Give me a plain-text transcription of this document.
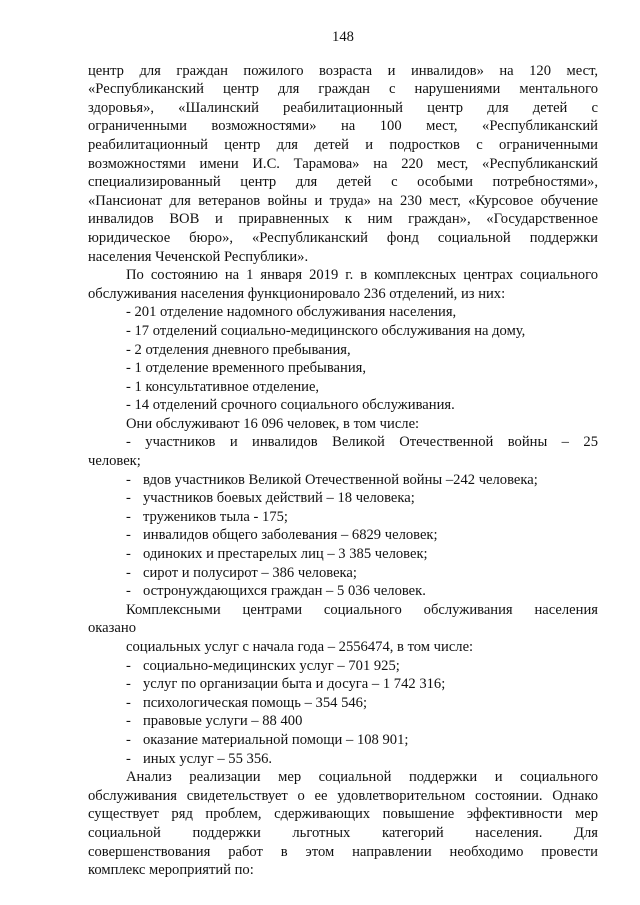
148
центр для граждан пожилого возраста и инвалидов» на 120 мест,
«Республиканский центр для граждан с нарушениями ментального
здоровья», «Шалинский реабилитационный центр для детей с
ограниченными возможностями» на 100 мест, «Республиканский
реабилитационный центр для детей и подростков с ограниченными
возможностями имени И.С. Тарамова» на 220 мест, «Республиканский
специализированный центр для детей с особыми потребностями»,
«Пансионат для ветеранов войны и труда» на 230 мест, «Курсовое обучение
инвалидов ВОВ и приравненных к ним граждан», «Государственное
юридическое бюро», «Республиканский фонд социальной поддержки
населения Чеченской Республики».
По состоянию на 1 января 2019 г. в комплексных центрах социального
обслуживания населения функционировало 236 отделений, из них:
- 201 отделение надомного обслуживания населения,
- 17 отделений социально-медицинского обслуживания на дому,
- 2 отделения дневного пребывания,
- 1 отделение временного пребывания,
- 1 консультативное отделение,
- 14 отделений срочного социального обслуживания.
Они обслуживают 16 096 человек, в том числе:
- участников и инвалидов Великой Отечественной войны – 25
человек;
- вдов участников Великой Отечественной войны –242 человека;
- участников боевых действий – 18 человека;
- тружеников тыла - 175;
- инвалидов общего заболевания – 6829 человек;
- одиноких и престарелых лиц – 3 385 человек;
- сирот и полусирот – 386 человека;
- остронуждающихся граждан – 5 036 человек.
Комплексными центрами социального обслуживания населения
оказано
социальных услуг с начала года – 2556474, в том числе:
- социально-медицинских услуг – 701 925;
- услуг по организации быта и досуга – 1 742 316;
- психологическая помощь – 354 546;
- правовые услуги – 88 400
- оказание материальной помощи – 108 901;
- иных услуг – 55 356.
Анализ реализации мер социальной поддержки и социального
обслуживания свидетельствует о ее удовлетворительном состоянии. Однако
существует ряд проблем, сдерживающих повышение эффективности мер
социальной поддержки льготных категорий населения. Для
совершенствования работ в этом направлении необходимо провести
комплекс мероприятий по:
